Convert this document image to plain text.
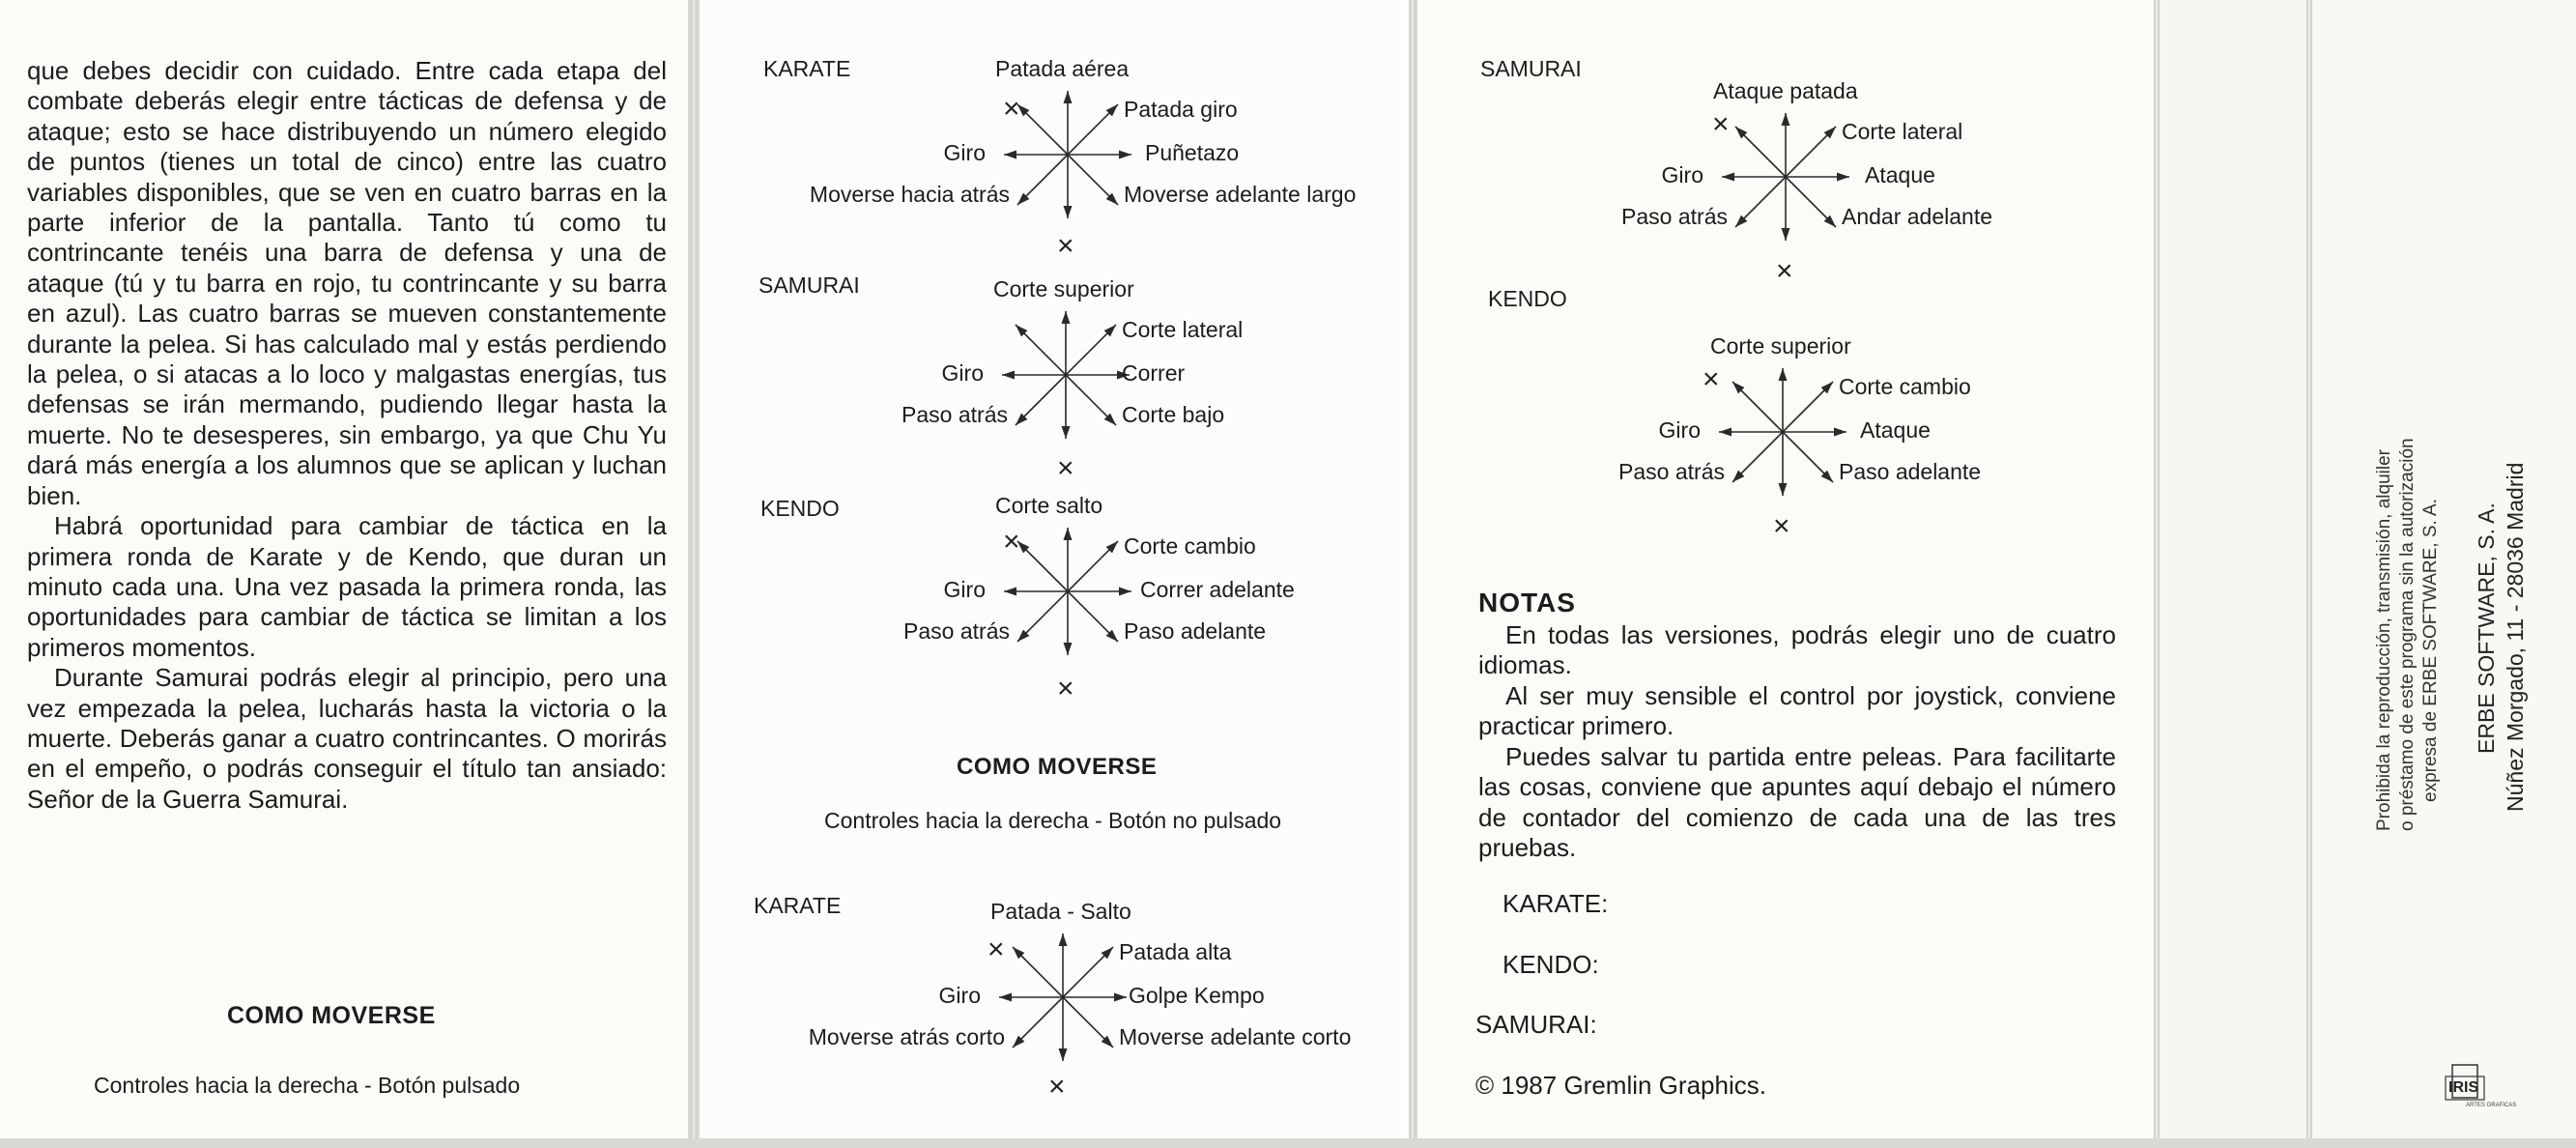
que debes decidir con cuidado. Entre cada etapa del combate deberás elegir entre tácticas de defensa y de ataque; esto se hace distribuyendo un número elegido de puntos (tienes un total de cinco) entre las cuatro variables disponibles, que se ven en cuatro barras en la parte inferior de la pantalla. Tanto tú como tu contrincante tenéis una barra de defensa y una de ataque (tú y tu barra en rojo, tu contrincante y su barra en azul). Las cuatro barras se mueven constantemente durante la pelea. Si has calculado mal y estás perdiendo la pelea, o si atacas a lo loco y malgastas energías, tus defensas se irán mermando, pudiendo llegar hasta la muerte. No te desesperes, sin embargo, ya que Chu Yu dará más energía a los alumnos que se aplican y luchan bien.

Habrá oportunidad para cambiar de táctica en la primera ronda de Karate y de Kendo, que duran un minuto cada una. Una vez pasada la primera ronda, las oportunidades para cambiar de táctica se limitan a los primeros momentos.

Durante Samurai podrás elegir al principio, pero una vez empezada la pelea, lucharás hasta la victoria o la muerte. Deberás ganar a cuatro contrincantes. O morirás en el empeño, o podrás conseguir el título tan ansiado: Señor de la Guerra Samurai.

COMO MOVERSE
Controles hacia la derecha - Botón pulsado
KARATE	Patada aérea
Patada giro
Puñetazo
Moverse adelante largo
Giro
Moverse hacia atrás
×
×
SAMURAI	Corte superior
Corte lateral
Correr
Corte bajo
Giro
Paso atrás
×
KENDO	Corte salto
Corte cambio
Correr adelante
Paso adelante
Giro
Paso atrás
×
×
KARATE	Patada - Salto
Patada alta
Golpe Kempo
Moverse adelante corto
Giro
Moverse atrás corto
×
×
SAMURAI
Ataque patada
Corte lateral
Ataque
Andar adelante
Giro
Paso atrás
×
×
KENDO
Corte superior
Corte cambio
Ataque
Paso adelante
Giro
Paso atrás
×
×
COMO MOVERSE
Controles hacia la derecha - Botón no pulsado
NOTAS

En todas las versiones, podrás elegir uno de cuatro idiomas.

Al ser muy sensible el control por joystick, conviene practicar primero.

Puedes salvar tu partida entre peleas. Para facilitarte las cosas, conviene que apuntes aquí debajo el número de contador del comienzo de cada una de las tres pruebas.

KARATE:
KENDO:
SAMURAI:
© 1987 Gremlin Graphics.
Prohibida la reproducción, transmisión, alquiler o préstamo de este programa sin la autorización expresa de ERBE SOFTWARE, S. A. ERBE SOFTWARE, S. A. Núñez Morgado, 11 - 28036 Madrid
IRIS
ARTES GRAFICAS
